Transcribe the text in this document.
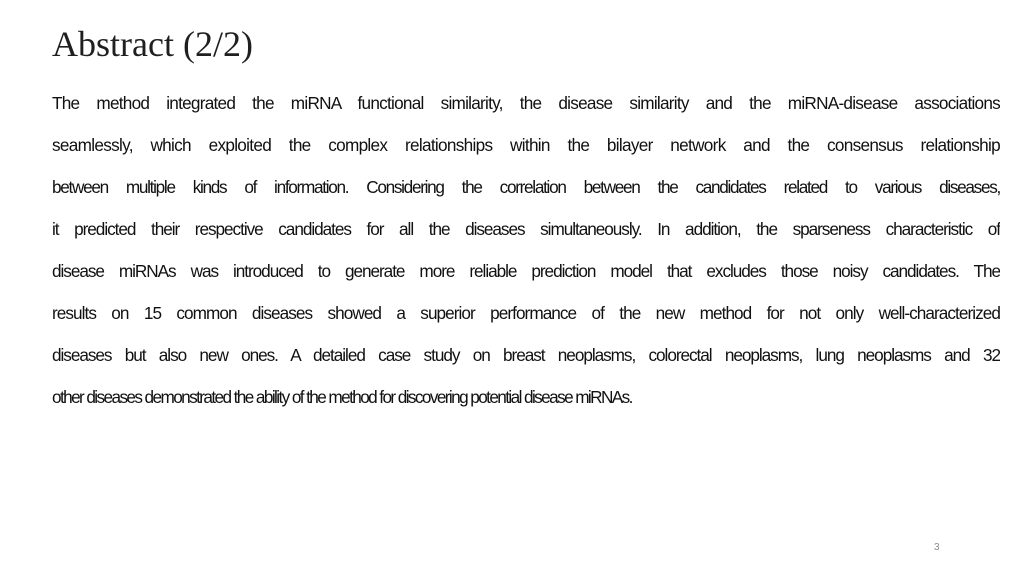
Abstract (2/2)
The method integrated the miRNA functional similarity, the disease similarity and the miRNA-disease associations
seamlessly, which exploited the complex relationships within the bilayer network and the consensus relationship
between multiple kinds of information. Considering the correlation between the candidates related to various diseases,
it predicted their respective candidates for all the diseases simultaneously. In addition, the sparseness characteristic of
disease miRNAs was introduced to generate more reliable prediction model that excludes those noisy candidates. The
results on 15 common diseases showed a superior performance of the new method for not only well-characterized
diseases but also new ones. A detailed case study on breast neoplasms, colorectal neoplasms, lung neoplasms and 32
other diseases demonstrated the ability of the method for discovering potential disease miRNAs.
3
